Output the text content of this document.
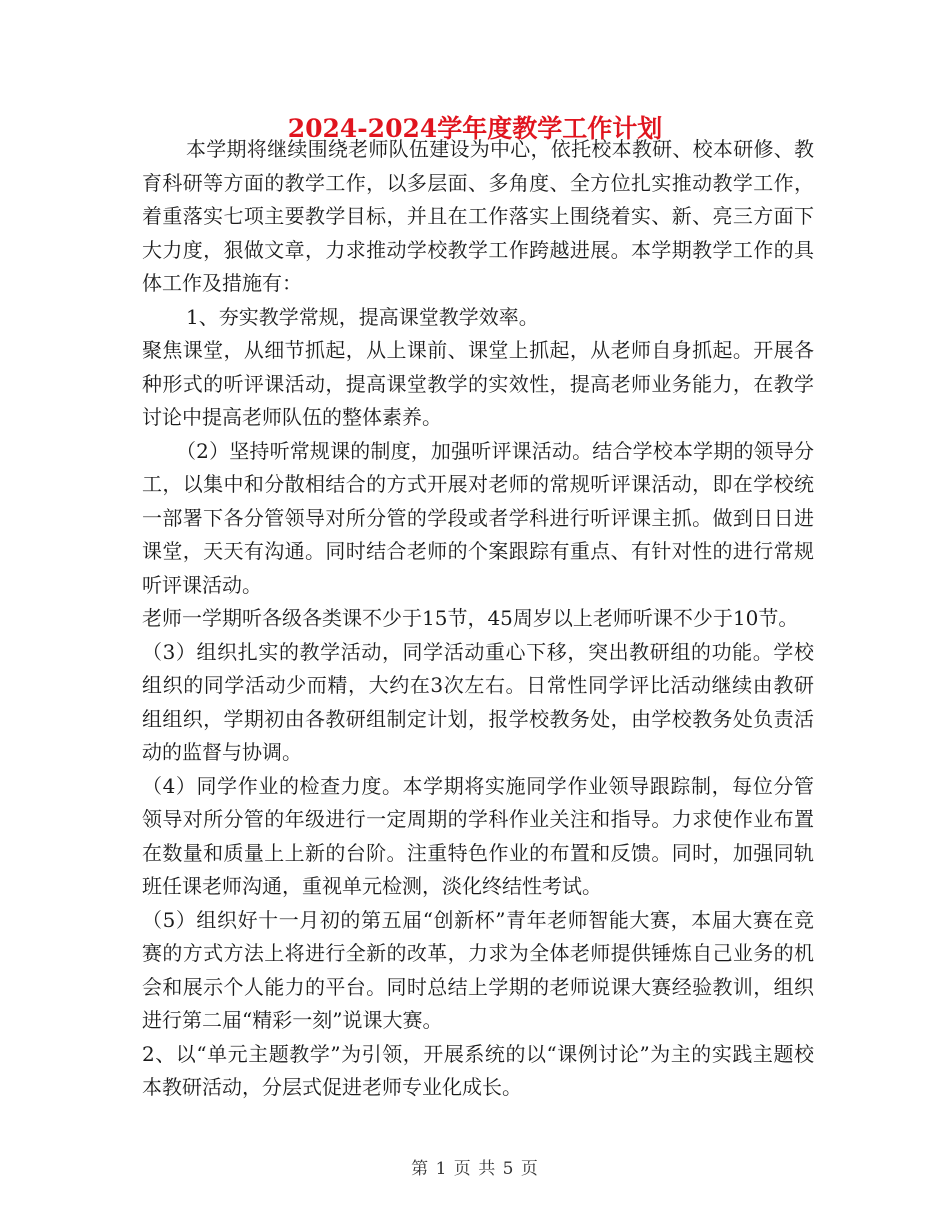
2024-2024学年度教学工作计划

本学期将继续围绕老师队伍建设为中心，依托校本教研、校本研修、教育科研等方面的教学工作，以多层面、多角度、全方位扎实推动教学工作，着重落实七项主要教学目标，并且在工作落实上围绕着实、新、亮三方面下大力度，狠做文章，力求推动学校教学工作跨越进展。本学期教学工作的具体工作及措施有：

1、夯实教学常规，提高课堂教学效率。

聚焦课堂，从细节抓起，从上课前、课堂上抓起，从老师自身抓起。开展各种形式的听评课活动，提高课堂教学的实效性，提高老师业务能力，在教学讨论中提高老师队伍的整体素养。

（2）坚持听常规课的制度，加强听评课活动。结合学校本学期的领导分工，以集中和分散相结合的方式开展对老师的常规听评课活动，即在学校统一部署下各分管领导对所分管的学段或者学科进行听评课主抓。做到日日进课堂，天天有沟通。同时结合老师的个案跟踪有重点、有针对性的进行常规听评课活动。

老师一学期听各级各类课不少于15节，45周岁以上老师听课不少于10节。

（3）组织扎实的教学活动，同学活动重心下移，突出教研组的功能。学校组织的同学活动少而精，大约在3次左右。日常性同学评比活动继续由教研组组织，学期初由各教研组制定计划，报学校教务处，由学校教务处负责活动的监督与协调。

（4）同学作业的检查力度。本学期将实施同学作业领导跟踪制，每位分管领导对所分管的年级进行一定周期的学科作业关注和指导。力求使作业布置在数量和质量上上新的台阶。注重特色作业的布置和反馈。同时，加强同轨班任课老师沟通，重视单元检测，淡化终结性考试。

（5）组织好十一月初的第五届“创新杯”青年老师智能大赛，本届大赛在竞赛的方式方法上将进行全新的改革，力求为全体老师提供锤炼自己业务的机会和展示个人能力的平台。同时总结上学期的老师说课大赛经验教训，组织进行第二届“精彩一刻”说课大赛。

2、以“单元主题教学”为引领，开展系统的以“课例讨论”为主的实践主题校本教研活动，分层式促进老师专业化成长。

第 1 页 共 5 页
